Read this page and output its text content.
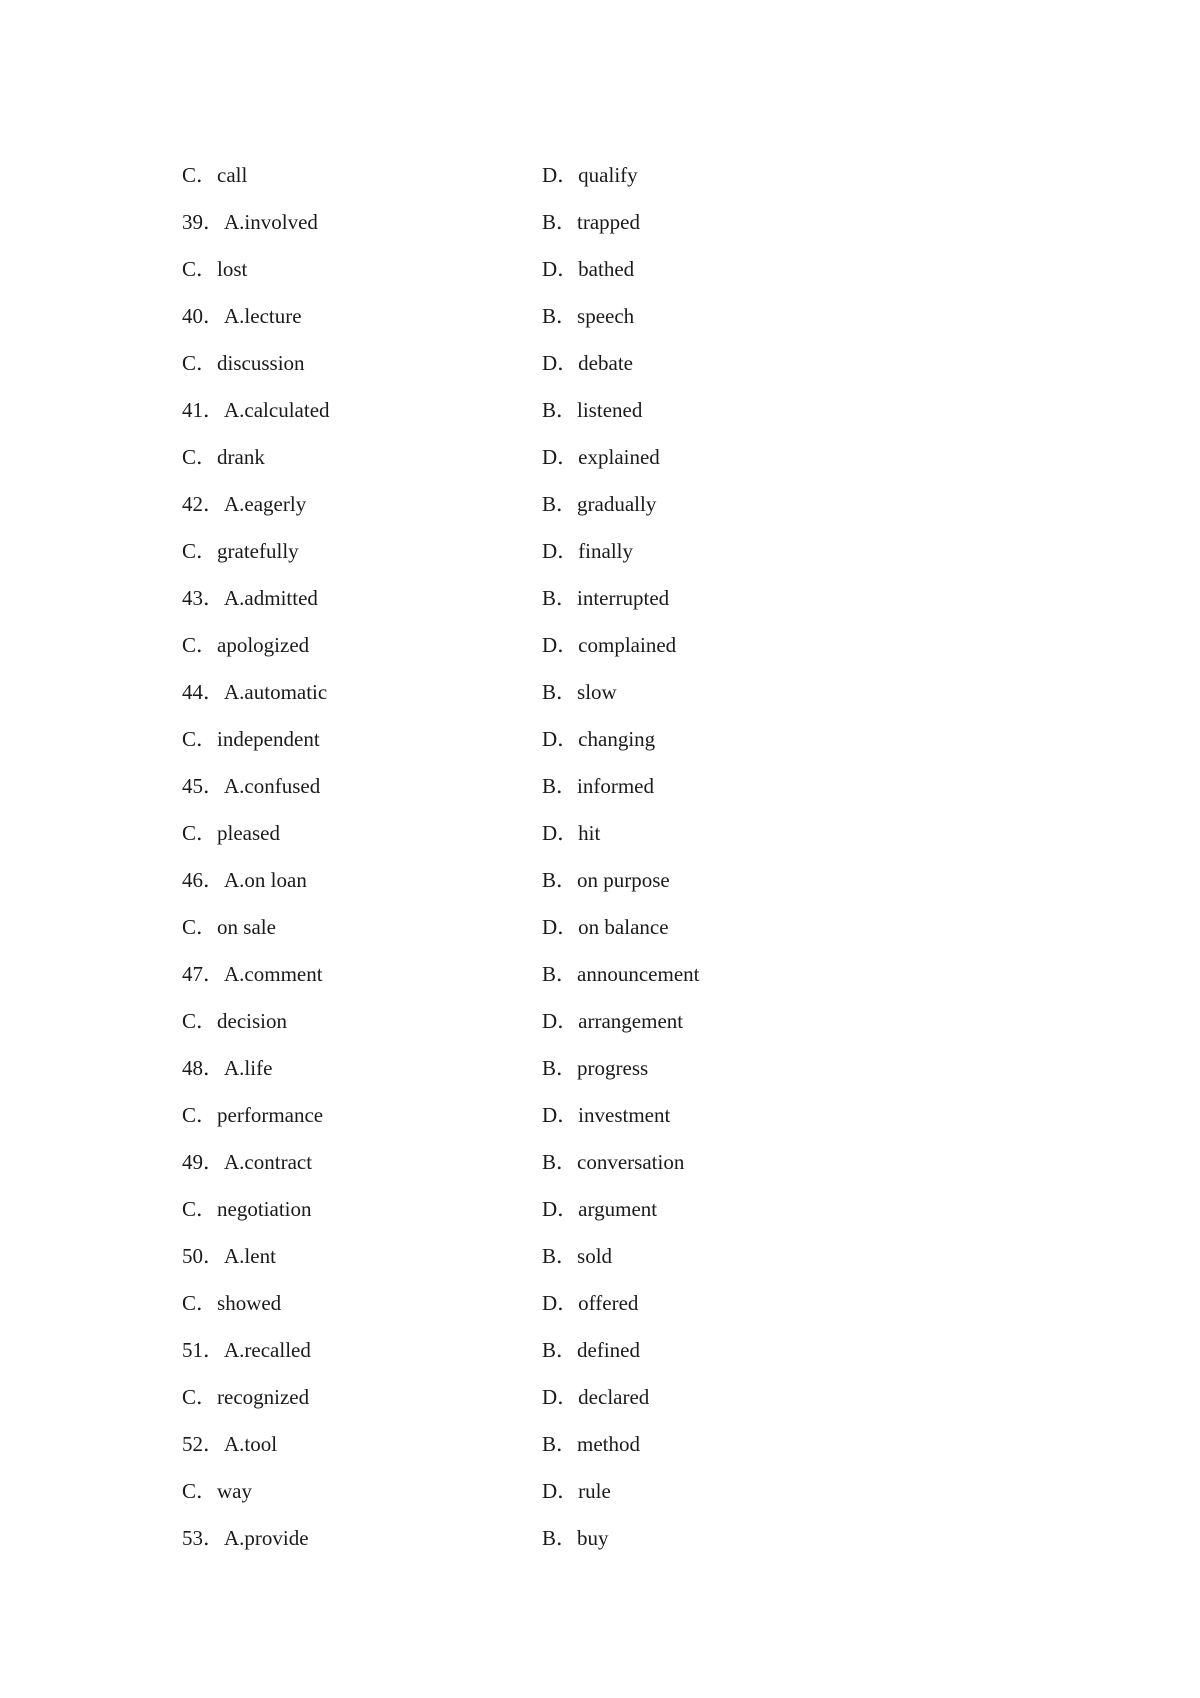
C．call	D．qualify
39．A.involved	B．trapped
C．lost	D．bathed
40．A.lecture	B．speech
C．discussion	D．debate
41．A.calculated	B．listened
C．drank	D．explained
42．A.eagerly	B．gradually
C．gratefully	D．finally
43．A.admitted	B．interrupted
C．apologized	D．complained
44．A.automatic	B．slow
C．independent	D．changing
45．A.confused	B．informed
C．pleased	D．hit
46．A.on loan	B．on purpose
C．on sale	D．on balance
47．A.comment	B．announcement
C．decision	D．arrangement
48．A.life	B．progress
C．performance	D．investment
49．A.contract	B．conversation
C．negotiation	D．argument
50．A.lent	B．sold
C．showed	D．offered
51．A.recalled	B．defined
C．recognized	D．declared
52．A.tool	B．method
C．way	D．rule
53．A.provide	B．buy
